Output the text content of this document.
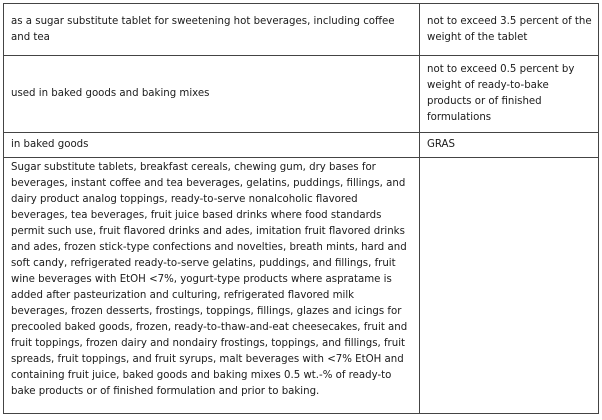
as a sugar substitute tablet for sweetening hot beverages, including coffee and tea	not to exceed 3.5 percent of the weight of the tablet
used in baked goods and baking mixes	not to exceed 0.5 percent by weight of ready-to-bake products or of finished formulations
in baked goods	GRAS
Sugar substitute tablets, breakfast cereals, chewing gum, dry bases for beverages, instant coffee and tea beverages, gelatins, puddings, fillings, and dairy product analog toppings, ready-to-serve nonalcoholic flavored beverages, tea beverages, fruit juice based drinks where food standards permit such use, fruit flavored drinks and ades, imitation fruit flavored drinks and ades, frozen stick-type confections and novelties, breath mints, hard and soft candy, refrigerated ready-to-serve gelatins, puddings, and fillings, fruit wine beverages with EtOH <7%, yogurt-type products where aspratame is added after pasteurization and culturing, refrigerated flavored milk beverages, frozen desserts, frostings, toppings, fillings, glazes and icings for precooled baked goods, frozen, ready-to-thaw-and-eat cheesecakes, fruit and fruit toppings, frozen dairy and nondairy frostings, toppings, and fillings, fruit spreads, fruit toppings, and fruit syrups, malt beverages with <7% EtOH and containing fruit juice, baked goods and baking mixes 0.5 wt.-% of ready-to bake products or of finished formulation and prior to baking.	
